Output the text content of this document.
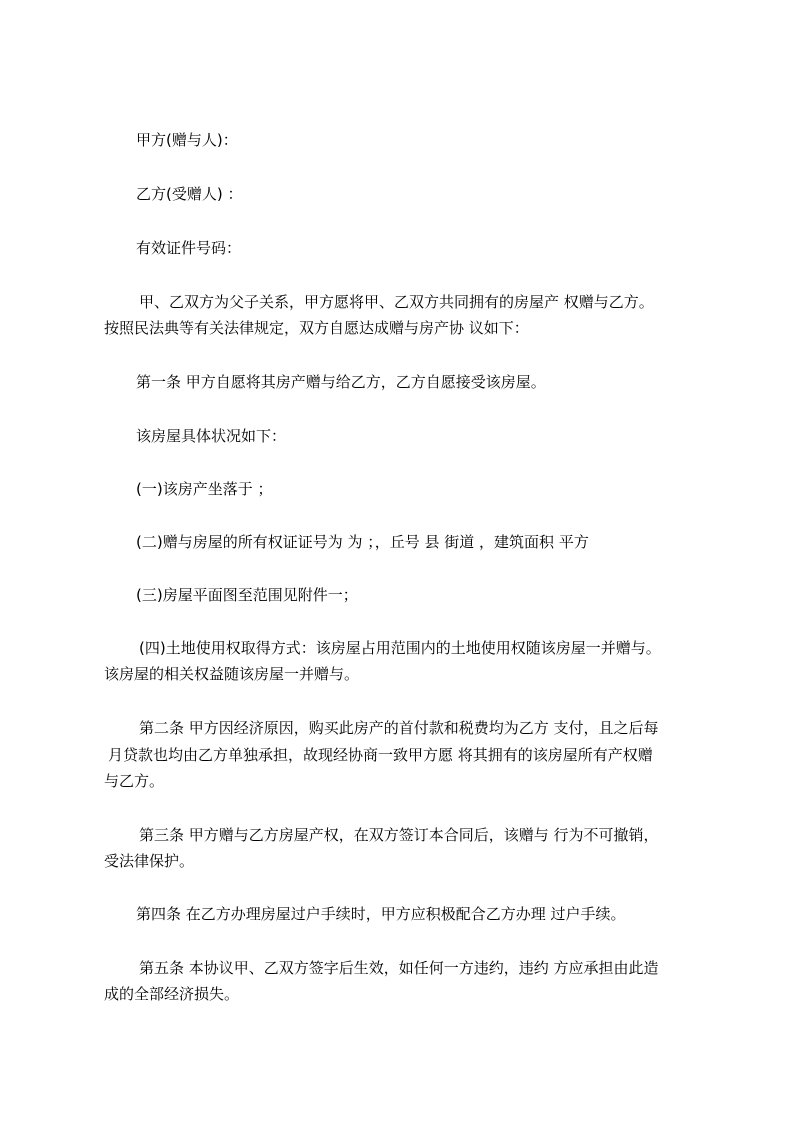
甲方(赠与人)：

乙方(受赠人) ：

有效证件号码：

甲、乙双方为父子关系，甲方愿将甲、乙双方共同拥有的房屋产 权赠与乙方。

按照民法典等有关法律规定，双方自愿达成赠与房产协 议如下：

第一条 甲方自愿将其房产赠与给乙方，乙方自愿接受该房屋。

该房屋具体状况如下：

(一)该房产坐落于 ；

(二)赠与房屋的所有权证证号为 为 ；，丘号 县 街道 ，建筑面积 平方

(三)房屋平面图至范围见附件一；

(四)土地使用权取得方式：该房屋占用范围内的土地使用权随该房屋一并赠与。

该房屋的相关权益随该房屋一并赠与。

第二条 甲方因经济原因，购买此房产的首付款和税费均为乙方 支付，且之后每

月贷款也均由乙方单独承担，故现经协商一致甲方愿 将其拥有的该房屋所有产权赠

与乙方。

第三条 甲方赠与乙方房屋产权，在双方签订本合同后，该赠与 行为不可撤销，

受法律保护。

第四条 在乙方办理房屋过户手续时，甲方应积极配合乙方办理 过户手续。

第五条 本协议甲、乙双方签字后生效，如任何一方违约，违约 方应承担由此造

成的全部经济损失。
